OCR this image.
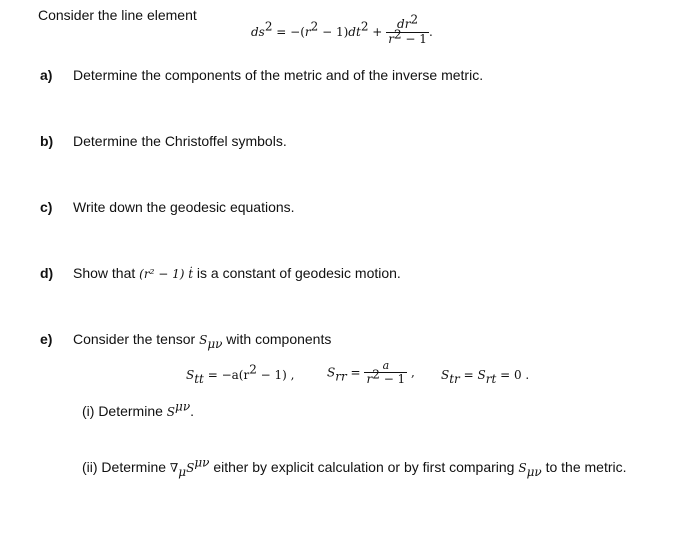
Consider the line element
$ds^2 = -(r^2 - 1)dt^2 + \frac{dr^2}{r^2 - 1}$ .
a) Determine the components of the metric and of the inverse metric.
b) Determine the Christoffel symbols.
c) Write down the geodesic equations.
d) Show that (r² − 1) ṫ is a constant of geodesic motion.
e) Consider the tensor $S_{\mu\nu}$ with components
$S_{tt} = -a(r^2 - 1)$ ,	$S_{rr} = \frac{a}{r^2 - 1}$ , $S_{tr} = S_{rt} = 0$ .
(i) Determine $S^{\mu\nu}$.
(ii) Determine $\nabla_\mu S^{\mu\nu}$ either by explicit calculation or by first comparing $S_{\mu\nu}$ to the metric.
